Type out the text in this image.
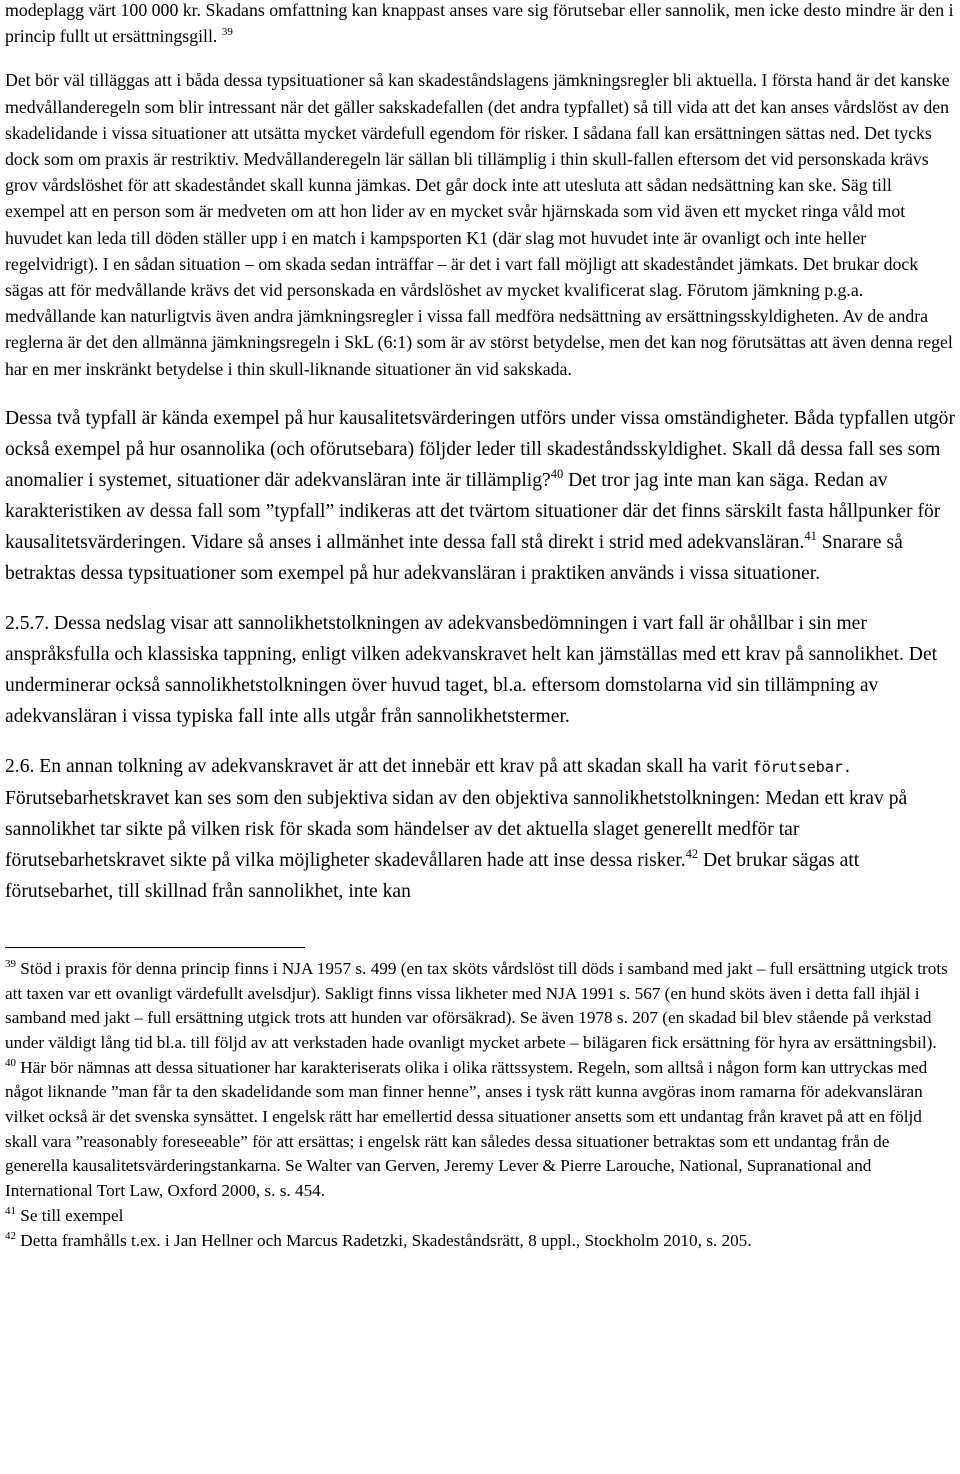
modeplagg värt 100 000 kr. Skadans omfattning kan knappast anses vare sig förutsebar eller sannolik, men icke desto mindre är den i princip fullt ut ersättningsgill. $^{39}$

Det bör väl tilläggas att i båda dessa typsituationer så kan skadeståndslagens jämkningsregler bli aktuella. I första hand är det kanske medvållanderegeln som blir intressant när det gäller sakskadefallen (det andra typfallet) så till vida att det kan anses vårdslöst av den skadelidande i vissa situationer att utsätta mycket värdefull egendom för risker. I sådana fall kan ersättningen sättas ned. Det tycks dock som om praxis är restriktiv. Medvållanderegeln lär sällan bli tillämplig i thin skull-fallen eftersom det vid personskada krävs grov vårdslöshet för att skadeståndet skall kunna jämkas. Det går dock inte att utesluta att sådan nedsättning kan ske. Säg till exempel att en person som är medveten om att hon lider av en mycket svår hjärnskada som vid även ett mycket ringa våld mot huvudet kan leda till döden ställer upp i en match i kampsporten K1 (där slag mot huvudet inte är ovanligt och inte heller regelvidrigt). I en sådan situation – om skada sedan inträffar – är det i vart fall möjligt att skadeståndet jämkats. Det brukar dock sägas att för medvållande krävs det vid personskada en vårdslöshet av mycket kvalificerat slag. Förutom jämkning p.g.a. medvållande kan naturligtvis även andra jämkningsregler i vissa fall medföra nedsättning av ersättningsskyldigheten. Av de andra reglerna är det den allmänna jämkningsregeln i SkL (6:1) som är av störst betydelse, men det kan nog förutsättas att även denna regel har en mer inskränkt betydelse i thin skull-liknande situationer än vid sakskada.

Dessa två typfall är kända exempel på hur kausalitetsvärderingen utförs under vissa omständigheter. Båda typfallen utgör också exempel på hur osannolika (och oförutsebara) följder leder till skadeståndsskyldighet. Skall då dessa fall ses som anomalier i systemet, situationer där adekvansläran inte är tillämplig?$^{40}$ Det tror jag inte man kan säga. Redan av karakteristiken av dessa fall som ”typfall” indikeras att det tvärtom situationer där det finns särskilt fasta hållpunker för kausalitetsvärderingen. Vidare så anses i allmänhet inte dessa fall stå direkt i strid med adekvansläran.$^{41}$ Snarare så betraktas dessa typsituationer som exempel på hur adekvansläran i praktiken används i vissa situationer.

2.5.7. Dessa nedslag visar att sannolikhetstolkningen av adekvansbedömningen i vart fall är ohållbar i sin mer anspråksfulla och klassiska tappning, enligt vilken adekvanskravet helt kan jämställas med ett krav på sannolikhet. Det underminerar också sannolikhetstolkningen över huvud taget, bl.a. eftersom domstolarna vid sin tillämpning av adekvansläran i vissa typiska fall inte alls utgår från sannolikhetstermer.

2.6. En annan tolkning av adekvanskravet är att det innebär ett krav på att skadan skall ha varit förutsebar. Förutsebarhetskravet kan ses som den subjektiva sidan av den objektiva sannolikhetstolkningen: Medan ett krav på sannolikhet tar sikte på vilken risk för skada som händelser av det aktuella slaget generellt medför tar förutsebarhetskravet sikte på vilka möjligheter skadevållaren hade att inse dessa risker.$^{42}$ Det brukar sägas att förutsebarhet, till skillnad från sannolikhet, inte kan

$^{39}$ Stöd i praxis för denna princip finns i NJA 1957 s. 499 (en tax sköts vårdslöst till döds i samband med jakt – full ersättning utgick trots att taxen var ett ovanligt värdefullt avelsdjur). Sakligt finns vissa likheter med NJA 1991 s. 567 (en hund sköts även i detta fall ihjäl i samband med jakt – full ersättning utgick trots att hunden var oförsäkrad). Se även 1978 s. 207 (en skadad bil blev stående på verkstad under väldigt lång tid bl.a. till följd av att verkstaden hade ovanligt mycket arbete – bilägaren fick ersättning för hyra av ersättningsbil).

$^{40}$ Här bör nämnas att dessa situationer har karakteriserats olika i olika rättssystem. Regeln, som alltså i någon form kan uttryckas med något liknande ”man får ta den skadelidande som man finner henne”, anses i tysk rätt kunna avgöras inom ramarna för adekvansläran vilket också är det svenska synsättet. I engelsk rätt har emellertid dessa situationer ansetts som ett undantag från kravet på att en följd skall vara ”reasonably foreseeable” för att ersättas; i engelsk rätt kan således dessa situationer betraktas som ett undantag från de generella kausalitetsvärderingstankarna. Se Walter van Gerven, Jeremy Lever & Pierre Larouche, National, Supranational and International Tort Law, Oxford 2000, s. s. 454.

$^{41}$ Se till exempel

$^{42}$ Detta framhålls t.ex. i Jan Hellner och Marcus Radetzki, Skadeståndsrätt, 8 uppl., Stockholm 2010, s. 205.
